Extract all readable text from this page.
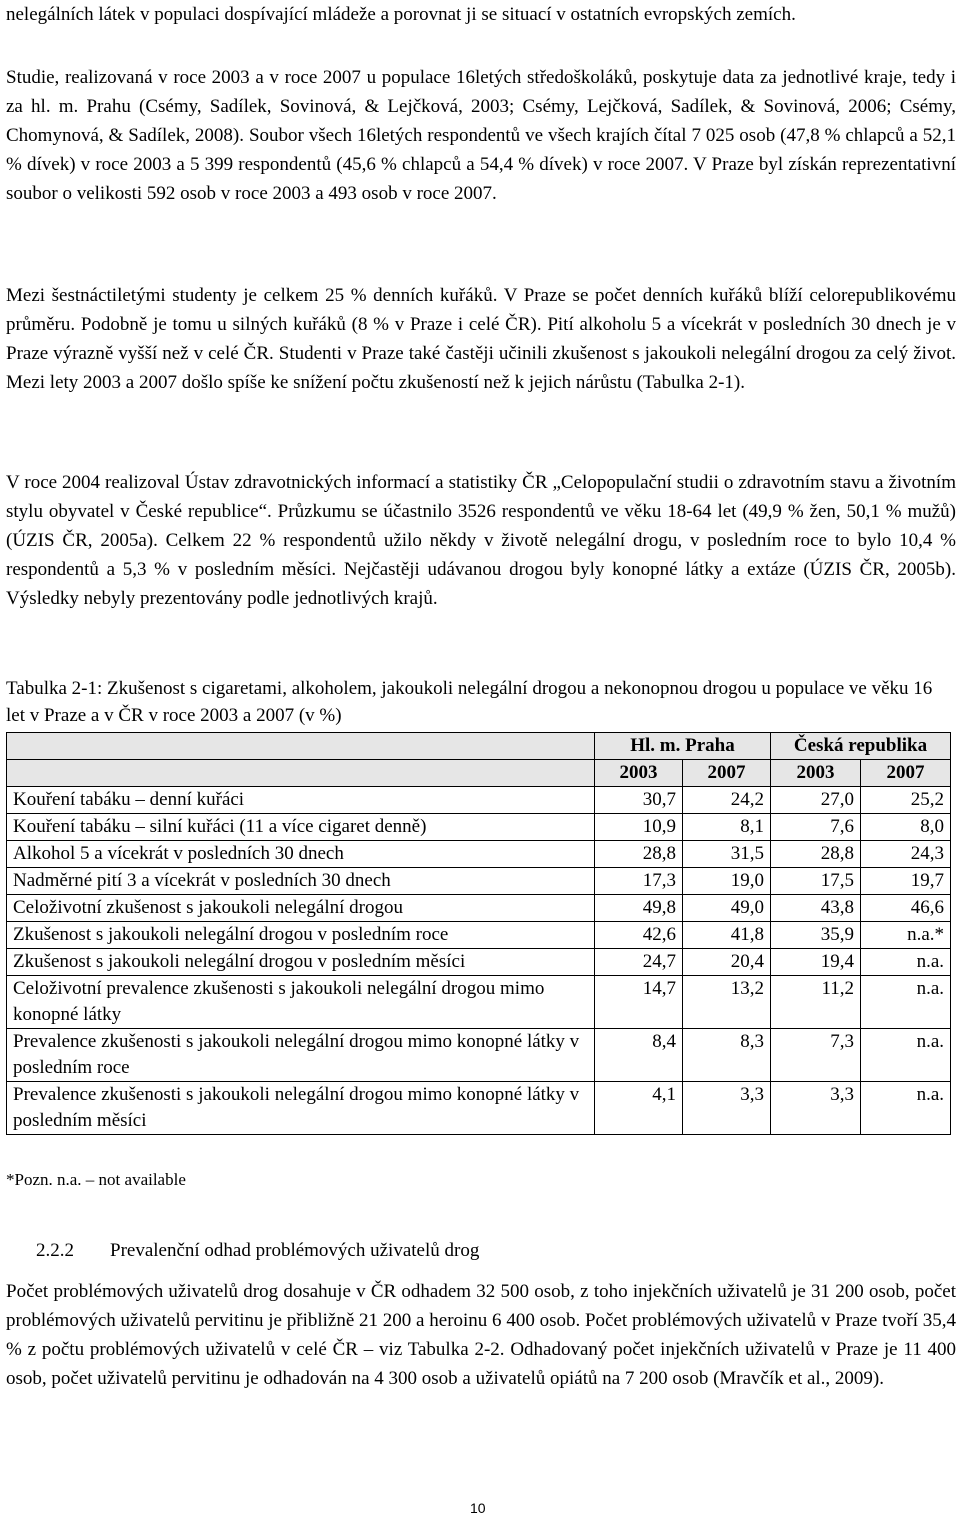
nelegálních látek v populaci dospívající mládeže a porovnat ji se situací v ostatních evropských zemích.

Studie, realizovaná v roce 2003 a v roce 2007 u populace 16letých středoškoláků, poskytuje data za jednotlivé kraje, tedy i za hl. m. Prahu (Csémy, Sadílek, Sovinová, & Lejčková, 2003; Csémy, Lejčková, Sadílek, & Sovinová, 2006; Csémy, Chomynová, & Sadílek, 2008). Soubor všech 16letých respondentů ve všech krajích čítal 7 025 osob (47,8 % chlapců a 52,1 % dívek) v roce 2003 a 5 399 respondentů (45,6 % chlapců a 54,4 % dívek) v roce 2007. V Praze byl získán reprezentativní soubor o velikosti 592 osob v roce 2003 a 493 osob v roce 2007.

Mezi šestnáctiletými studenty je celkem 25 % denních kuřáků. V Praze se počet denních kuřáků blíží celorepublikovému průměru. Podobně je tomu u silných kuřáků (8 % v Praze i celé ČR). Pití alkoholu 5 a vícekrát v posledních 30 dnech je v Praze výrazně vyšší než v celé ČR. Studenti v Praze také častěji učinili zkušenost s jakoukoli nelegální drogou za celý život. Mezi lety 2003 a 2007 došlo spíše ke snížení počtu zkušeností než k jejich nárůstu (Tabulka 2-1).

V roce 2004 realizoval Ústav zdravotnických informací a statistiky ČR „Celopopulační studii o zdravotním stavu a životním stylu obyvatel v České republice“. Průzkumu se účastnilo 3526 respondentů ve věku 18-64 let (49,9 % žen, 50,1 % mužů) (ÚZIS ČR, 2005a). Celkem 22 % respondentů užilo někdy v životě nelegální drogu, v posledním roce to bylo 10,4 % respondentů a 5,3 % v posledním měsíci. Nejčastěji udávanou drogou byly konopné látky a extáze (ÚZIS ČR, 2005b). Výsledky nebyly prezentovány podle jednotlivých krajů.

Tabulka 2-1: Zkušenost s cigaretami, alkoholem, jakoukoli nelegální drogou a nekonopnou drogou u populace ve věku 16 let v Praze a v ČR v roce 2003 a 2007 (v %)

	Hl. m. Praha		Česká republika	
	2003	2007	2003	2007
Kouření tabáku – denní kuřáci	30,7	24,2	27,0	25,2
Kouření tabáku – silní kuřáci (11 a více cigaret denně)	10,9	8,1	7,6	8,0
Alkohol 5 a vícekrát v posledních 30 dnech	28,8	31,5	28,8	24,3
Nadměrné pití 3 a vícekrát v posledních 30 dnech	17,3	19,0	17,5	19,7
Celoživotní zkušenost s jakoukoli nelegální drogou	49,8	49,0	43,8	46,6
Zkušenost s jakoukoli nelegální drogou v posledním roce	42,6	41,8	35,9	n.a.*
Zkušenost s jakoukoli nelegální drogou v posledním měsíci	24,7	20,4	19,4	n.a.
Celoživotní prevalence zkušenosti s jakoukoli nelegální drogou mimo konopné látky	14,7	13,2	11,2	n.a.
Prevalence zkušenosti s jakoukoli nelegální drogou mimo konopné látky v posledním roce	8,4	8,3	7,3	n.a.
Prevalence zkušenosti s jakoukoli nelegální drogou mimo konopné látky v posledním měsíci	4,1	3,3	3,3	n.a.

*Pozn. n.a. – not available

2.2.2 Prevalenční odhad problémových uživatelů drog

Počet problémových uživatelů drog dosahuje v ČR odhadem 32 500 osob, z toho injekčních uživatelů je 31 200 osob, počet problémových uživatelů pervitinu je přibližně 21 200 a heroinu 6 400 osob. Počet problémových uživatelů v Praze tvoří 35,4 % z počtu problémových uživatelů v celé ČR – viz Tabulka 2-2. Odhadovaný počet injekčních uživatelů v Praze je 11 400 osob, počet uživatelů pervitinu je odhadován na 4 300 osob a uživatelů opiátů na 7 200 osob (Mravčík et al., 2009).

10
